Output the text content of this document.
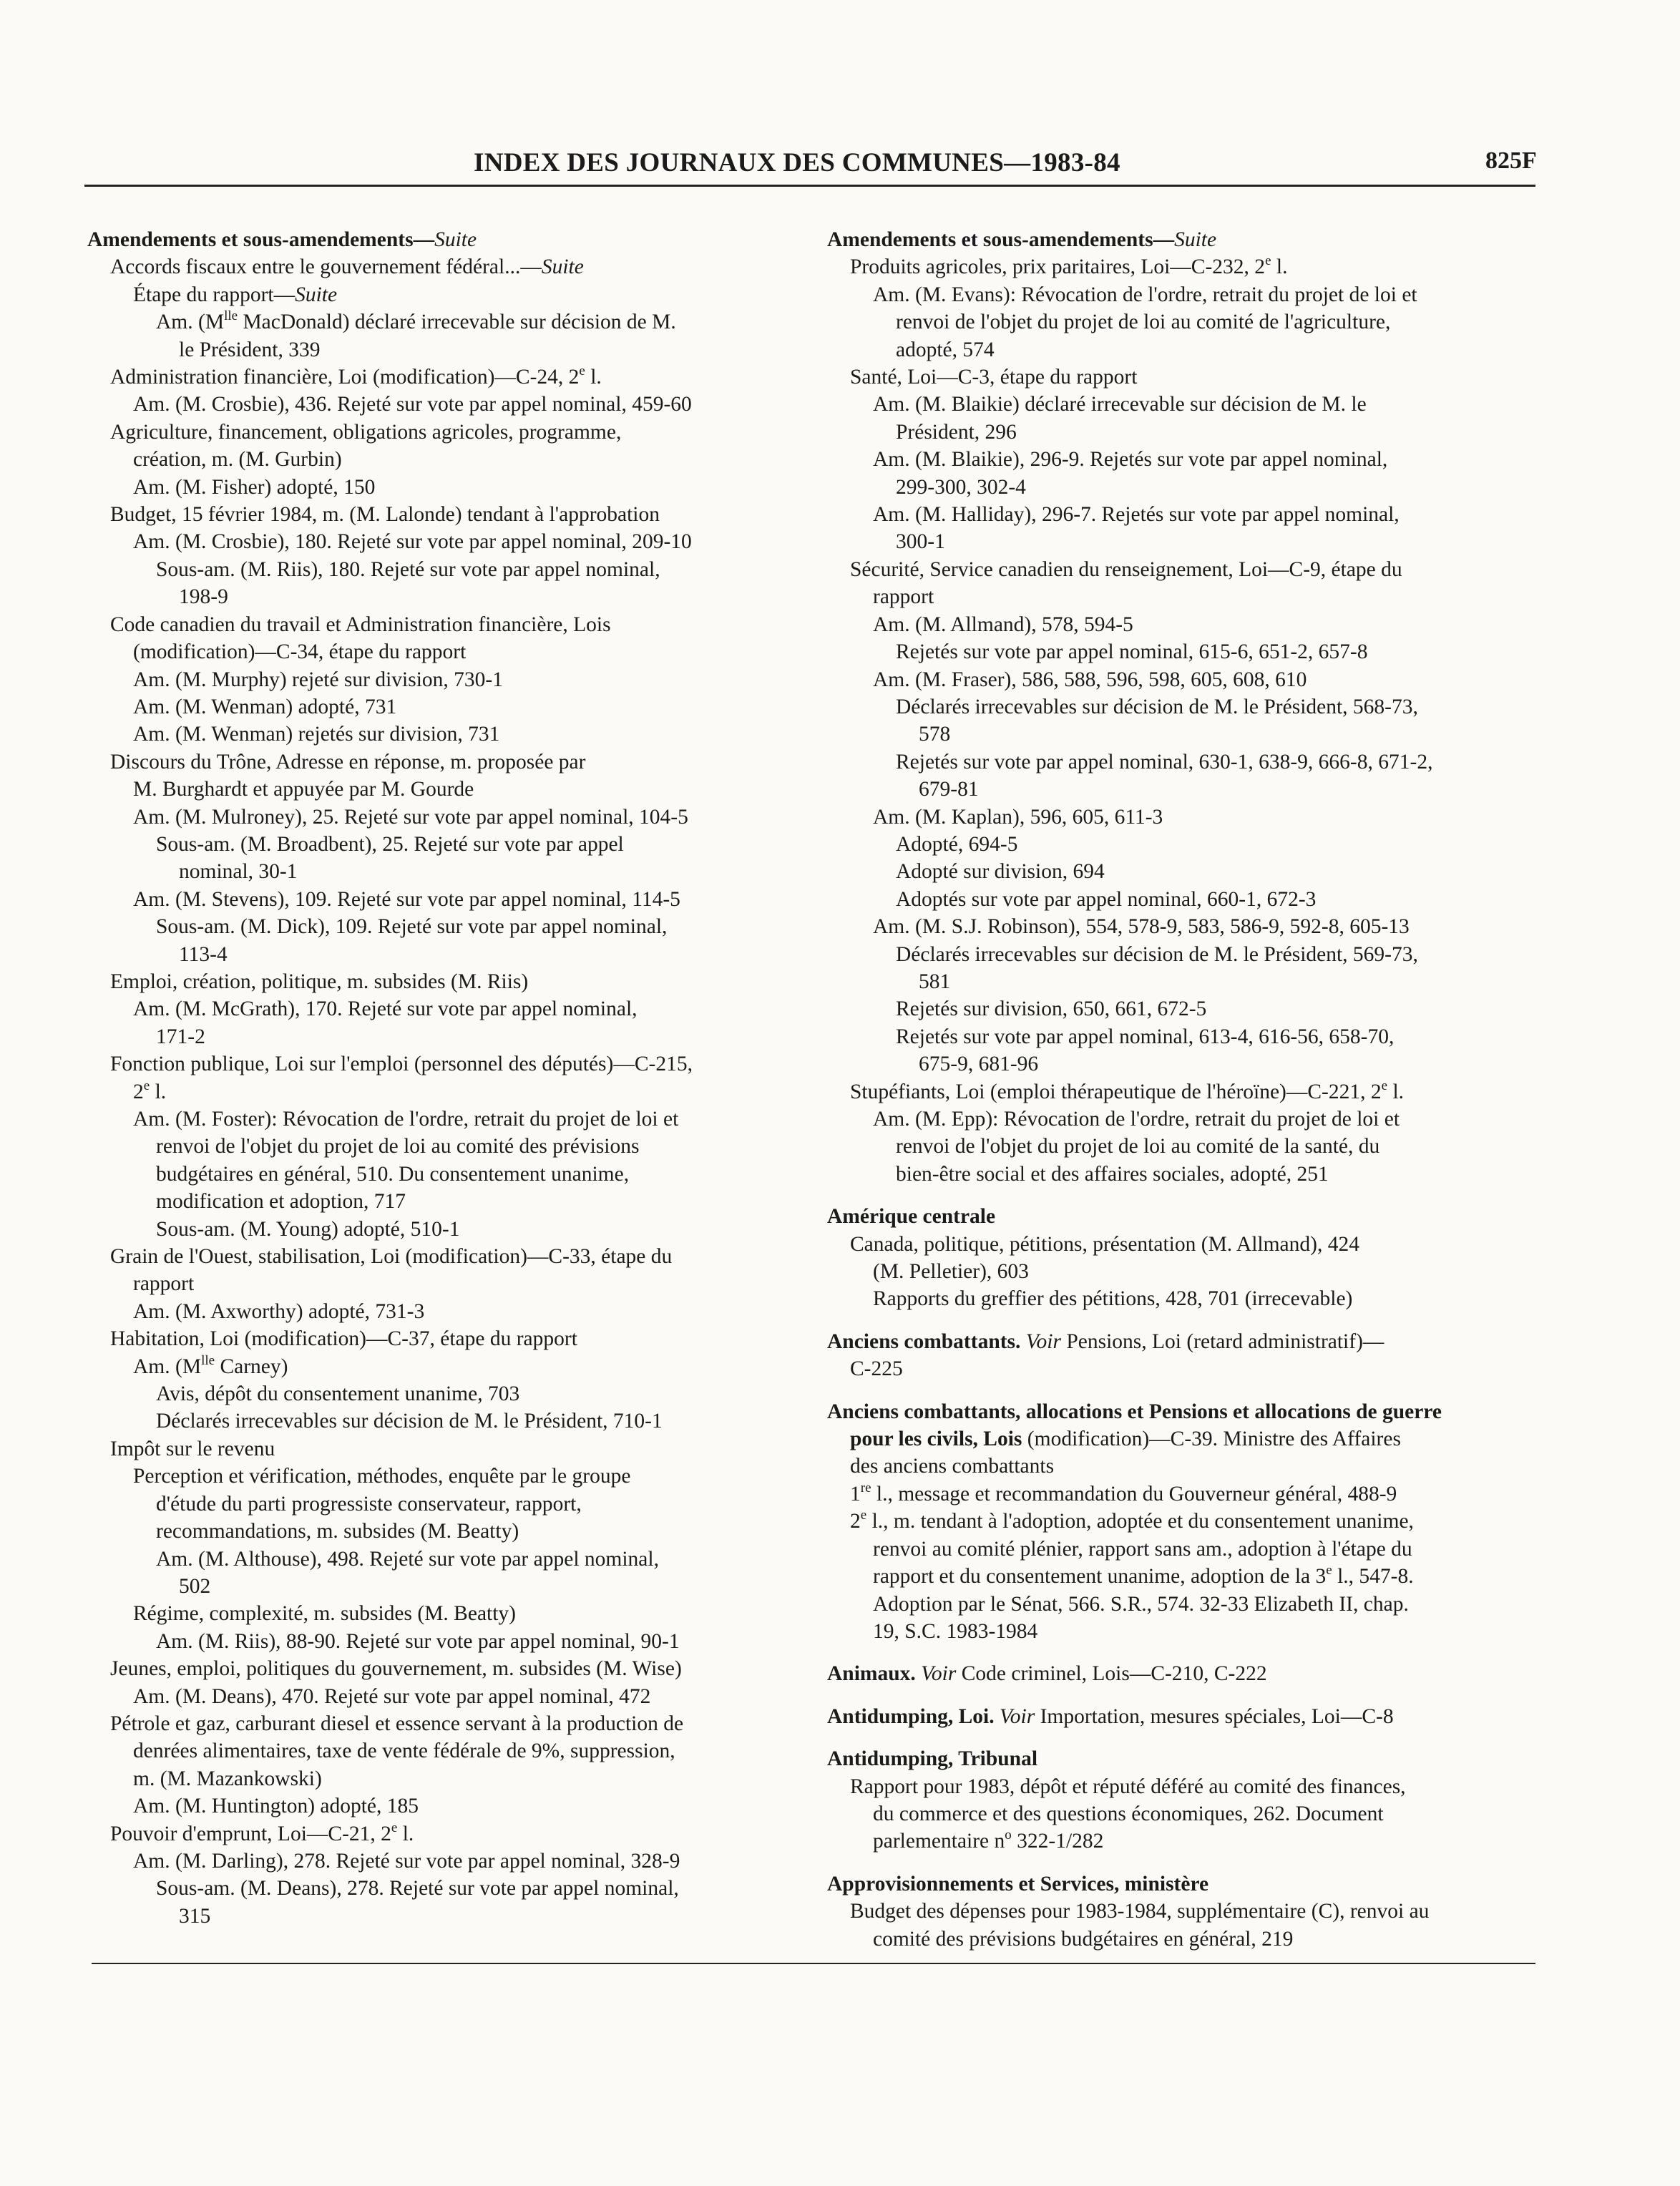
INDEX DES JOURNAUX DES COMMUNES—1983-84	825F
Amendements et sous-amendements—Suite
Accords fiscaux entre le gouvernement fédéral...—Suite
Étape du rapport—Suite
Am. ($M^{lle}$ MacDonald) déclaré irrecevable sur décision de M.
le Président, 339
Administration financière, Loi (modification)—C-24, 2e l.
Am. (M. Crosbie), 436. Rejeté sur vote par appel nominal, 459-60
Agriculture, financement, obligations agricoles, programme,
création, m. (M. Gurbin)
Am. (M. Fisher) adopté, 150
Budget, 15 février 1984, m. (M. Lalonde) tendant à l'approbation
Am. (M. Crosbie), 180. Rejeté sur vote par appel nominal, 209-10
Sous-am. (M. Riis), 180. Rejeté sur vote par appel nominal,
198-9
Code canadien du travail et Administration financière, Lois
(modification)—C-34, étape du rapport
Am. (M. Murphy) rejeté sur division, 730-1
Am. (M. Wenman) adopté, 731
Am. (M. Wenman) rejetés sur division, 731
Discours du Trône, Adresse en réponse, m. proposée par
M. Burghardt et appuyée par M. Gourde
Am. (M. Mulroney), 25. Rejeté sur vote par appel nominal, 104-5
Sous-am. (M. Broadbent), 25. Rejeté sur vote par appel
nominal, 30-1
Am. (M. Stevens), 109. Rejeté sur vote par appel nominal, 114-5
Sous-am. (M. Dick), 109. Rejeté sur vote par appel nominal,
113-4
Emploi, création, politique, m. subsides (M. Riis)
Am. (M. McGrath), 170. Rejeté sur vote par appel nominal,
171-2
Fonction publique, Loi sur l'emploi (personnel des députés)—C-215,
2e l.
Am. (M. Foster): Révocation de l'ordre, retrait du projet de loi et
renvoi de l'objet du projet de loi au comité des prévisions
budgétaires en général, 510. Du consentement unanime,
modification et adoption, 717
Sous-am. (M. Young) adopté, 510-1
Grain de l'Ouest, stabilisation, Loi (modification)—C-33, étape du
rapport
Am. (M. Axworthy) adopté, 731-3
Habitation, Loi (modification)—C-37, étape du rapport
Am. ($M^{lle}$ Carney)
Avis, dépôt du consentement unanime, 703
Déclarés irrecevables sur décision de M. le Président, 710-1
Impôt sur le revenu
Perception et vérification, méthodes, enquête par le groupe
d'étude du parti progressiste conservateur, rapport,
recommandations, m. subsides (M. Beatty)
Am. (M. Althouse), 498. Rejeté sur vote par appel nominal,
502
Régime, complexité, m. subsides (M. Beatty)
Am. (M. Riis), 88-90. Rejeté sur vote par appel nominal, 90-1
Jeunes, emploi, politiques du gouvernement, m. subsides (M. Wise)
Am. (M. Deans), 470. Rejeté sur vote par appel nominal, 472
Pétrole et gaz, carburant diesel et essence servant à la production de
denrées alimentaires, taxe de vente fédérale de 9%, suppression,
m. (M. Mazankowski)
Am. (M. Huntington) adopté, 185
Pouvoir d'emprunt, Loi—C-21, 2e l.
Am. (M. Darling), 278. Rejeté sur vote par appel nominal, 328-9
Sous-am. (M. Deans), 278. Rejeté sur vote par appel nominal,
315
Amendements et sous-amendements—Suite
Produits agricoles, prix paritaires, Loi—C-232, 2e l.
Am. (M. Evans): Révocation de l'ordre, retrait du projet de loi et
renvoi de l'objet du projet de loi au comité de l'agriculture,
adopté, 574
Santé, Loi—C-3, étape du rapport
Am. (M. Blaikie) déclaré irrecevable sur décision de M. le
Président, 296
Am. (M. Blaikie), 296-9. Rejetés sur vote par appel nominal,
299-300, 302-4
Am. (M. Halliday), 296-7. Rejetés sur vote par appel nominal,
300-1
Sécurité, Service canadien du renseignement, Loi—C-9, étape du
rapport
Am. (M. Allmand), 578, 594-5
Rejetés sur vote par appel nominal, 615-6, 651-2, 657-8
Am. (M. Fraser), 586, 588, 596, 598, 605, 608, 610
Déclarés irrecevables sur décision de M. le Président, 568-73,
578
Rejetés sur vote par appel nominal, 630-1, 638-9, 666-8, 671-2,
679-81
Am. (M. Kaplan), 596, 605, 611-3
Adopté, 694-5
Adopté sur division, 694
Adoptés sur vote par appel nominal, 660-1, 672-3
Am. (M. S.J. Robinson), 554, 578-9, 583, 586-9, 592-8, 605-13
Déclarés irrecevables sur décision de M. le Président, 569-73,
581
Rejetés sur division, 650, 661, 672-5
Rejetés sur vote par appel nominal, 613-4, 616-56, 658-70,
675-9, 681-96
Stupéfiants, Loi (emploi thérapeutique de l'héroïne)—C-221, 2e l.
Am. (M. Epp): Révocation de l'ordre, retrait du projet de loi et
renvoi de l'objet du projet de loi au comité de la santé, du
bien-être social et des affaires sociales, adopté, 251
Amérique centrale
Canada, politique, pétitions, présentation (M. Allmand), 424
(M. Pelletier), 603
Rapports du greffier des pétitions, 428, 701 (irrecevable)
Anciens combattants. Voir Pensions, Loi (retard administratif)—
C-225
Anciens combattants, allocations et Pensions et allocations de guerre
pour les civils, Lois (modification)—C-39. Ministre des Affaires
des anciens combattants
1re l., message et recommandation du Gouverneur général, 488-9
2e l., m. tendant à l'adoption, adoptée et du consentement unanime,
renvoi au comité plénier, rapport sans am., adoption à l'étape du
rapport et du consentement unanime, adoption de la 3e l., 547-8.
Adoption par le Sénat, 566. S.R., 574. 32-33 Elizabeth II, chap.
19, S.C. 1983-1984
Animaux. Voir Code criminel, Lois—C-210, C-222
Antidumping, Loi. Voir Importation, mesures spéciales, Loi—C-8
Antidumping, Tribunal
Rapport pour 1983, dépôt et réputé déféré au comité des finances,
du commerce et des questions économiques, 262. Document
parlementaire $n^o$ 322-1/282
Approvisionnements et Services, ministère
Budget des dépenses pour 1983-1984, supplémentaire (C), renvoi au
comité des prévisions budgétaires en général, 219
